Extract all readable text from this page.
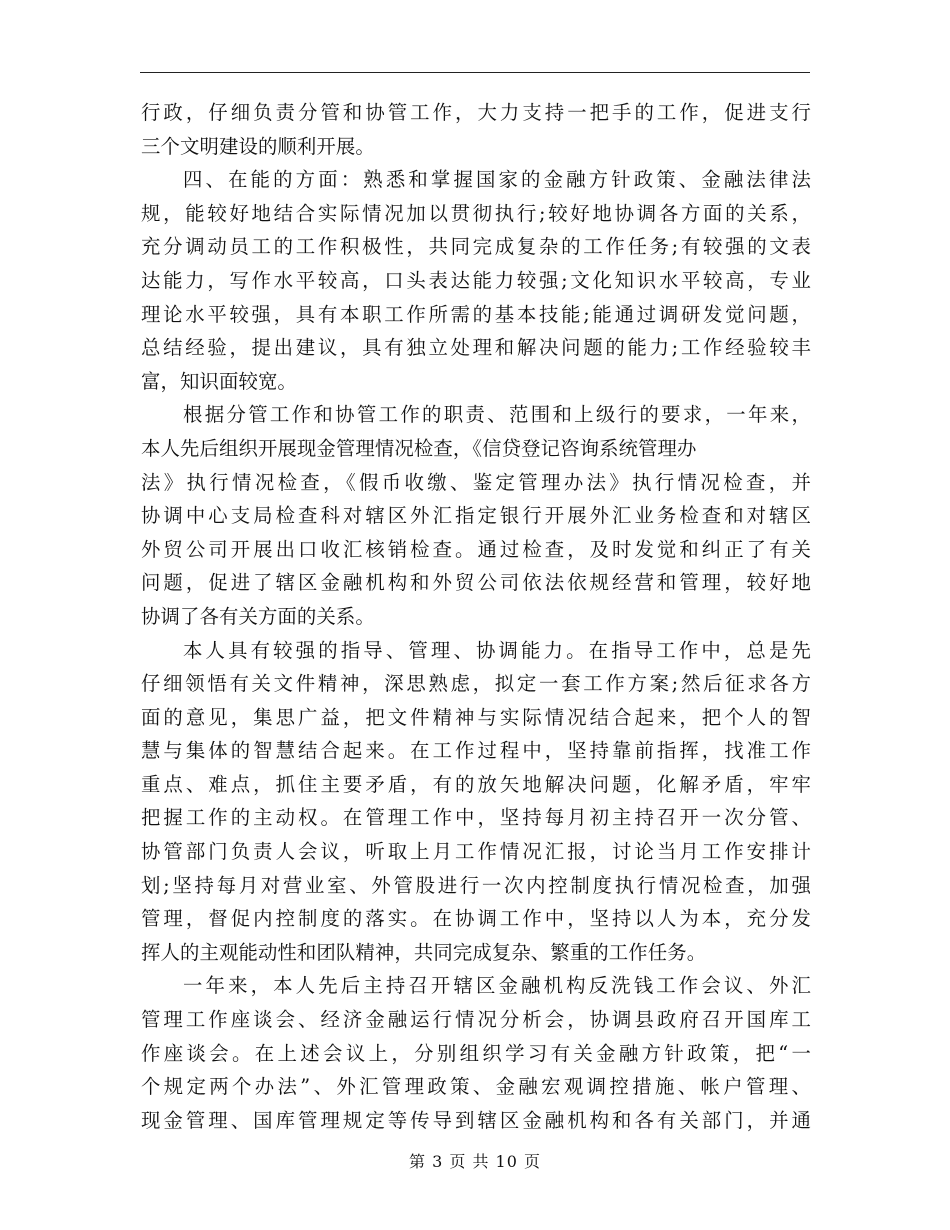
行政，仔细负责分管和协管工作，大力支持一把手的工作，促进支行
三个文明建设的顺利开展。
四、在能的方面：熟悉和掌握国家的金融方针政策、金融法律法
规，能较好地结合实际情况加以贯彻执行;较好地协调各方面的关系，
充分调动员工的工作积极性，共同完成复杂的工作任务;有较强的文表
达能力，写作水平较高，口头表达能力较强;文化知识水平较高，专业
理论水平较强，具有本职工作所需的基本技能;能通过调研发觉问题，
总结经验，提出建议，具有独立处理和解决问题的能力;工作经验较丰
富，知识面较宽。
根据分管工作和协管工作的职责、范围和上级行的要求，一年来，
本人先后组织开展现金管理情况检查，《信贷登记咨询系统管理办
法》执行情况检查，《假币收缴、鉴定管理办法》执行情况检查，并
协调中心支局检查科对辖区外汇指定银行开展外汇业务检查和对辖区
外贸公司开展出口收汇核销检查。通过检查，及时发觉和纠正了有关
问题，促进了辖区金融机构和外贸公司依法依规经营和管理，较好地
协调了各有关方面的关系。
本人具有较强的指导、管理、协调能力。在指导工作中，总是先
仔细领悟有关文件精神，深思熟虑，拟定一套工作方案;然后征求各方
面的意见，集思广益，把文件精神与实际情况结合起来，把个人的智
慧与集体的智慧结合起来。在工作过程中，坚持靠前指挥，找准工作
重点、难点，抓住主要矛盾，有的放矢地解决问题，化解矛盾，牢牢
把握工作的主动权。在管理工作中，坚持每月初主持召开一次分管、
协管部门负责人会议，听取上月工作情况汇报，讨论当月工作安排计
划;坚持每月对营业室、外管股进行一次内控制度执行情况检查，加强
管理，督促内控制度的落实。在协调工作中，坚持以人为本，充分发
挥人的主观能动性和团队精神，共同完成复杂、繁重的工作任务。
一年来，本人先后主持召开辖区金融机构反洗钱工作会议、外汇
管理工作座谈会、经济金融运行情况分析会，协调县政府召开国库工
作座谈会。在上述会议上，分别组织学习有关金融方针政策，把“一
个规定两个办法”、外汇管理政策、金融宏观调控措施、帐户管理、
现金管理、国库管理规定等传导到辖区金融机构和各有关部门，并通
第 3 页 共 10 页
